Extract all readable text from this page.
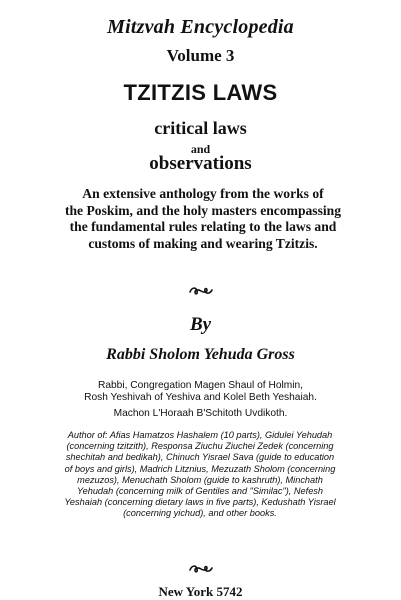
Mitzvah Encyclopedia

Volume 3

TZITZIS LAWS

critical laws

and

observations

An extensive anthology from the works of
the Poskim, and the holy masters encompassing
the fundamental rules relating to the laws and
customs of making and wearing Tzitzis.

By

Rabbi Sholom Yehuda Gross

Rabbi, Congregation Magen Shaul of Holmin,
Rosh Yeshivah of Yeshiva and Kolel Beth Yeshaiah.

Machon L'Horaah B'Schitoth Uvdikoth.

Author of: Afias Hamatzos Hashalem (10 parts), Gidulei Yehudah
(concerning tzitzith), Responsa Ziuchu Ziuchei Zedek (concerning
shechitah and bedikah), Chinuch Yisrael Sava (guide to education
of boys and girls), Madrich Litznius, Mezuzath Sholom (concerning
mezuzos), Menuchath Sholom (guide to kashruth), Minchath
Yehudah (concerning milk of Gentiles and "Similac"), Nefesh
Yeshaiah (concerning dietary laws in five parts), Kedushath Yisrael
(concerning yichud), and other books.

New York 5742
